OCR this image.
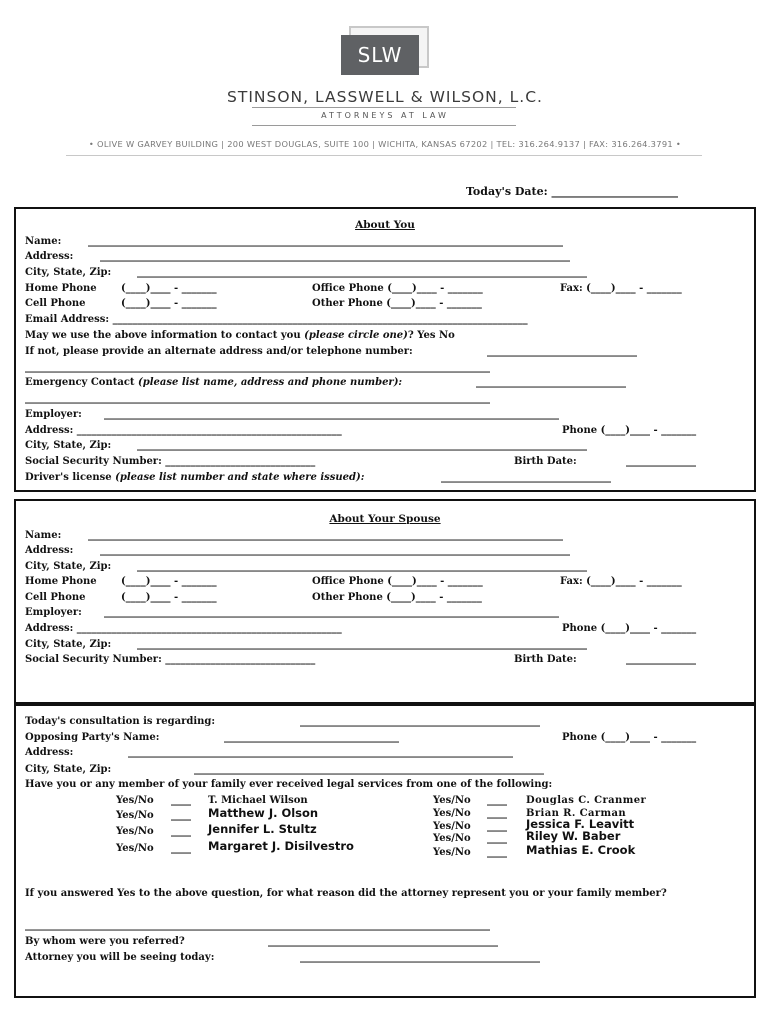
SLW
STINSON, LASSWELL & WILSON, L.C.
ATTORNEYS AT LAW
• OLIVE W GARVEY BUILDING | 200 WEST DOUGLAS, SUITE 100 | WICHITA, KANSAS 67202 | TEL: 316.264.9137 | FAX: 316.264.3791 •
Today's Date: _______________________
About You
Name:	_______________________________________________________________________________________________
Address:	______________________________________________________________________________________________
City, State, Zip:	__________________________________________________________________________________________
Home Phone (____)____ - _______	Office Phone (____)____ - _______	Fax: (____)____ - _______
Cell Phone	(____)____ - _______	Other Phone (____)____ - _______
Email Address: ___________________________________________________________________________________
May we use the above information to contact you (please circle one)? Yes No
If not, please provide an alternate address and/or telephone number:	______________________________
_____________________________________________________________________________________________
Emergency Contact (please list name, address and phone number):	______________________________
_____________________________________________________________________________________________
Employer: ___________________________________________________________________________________________
Address: _____________________________________________________	Phone (____)____ - _______
City, State, Zip:	__________________________________________________________________________________________
Social Security Number: ______________________________	Birth Date:	______________
Driver's license (please list number and state where issued):	__________________________________
About Your Spouse
Name:	_______________________________________________________________________________________________
Address:	______________________________________________________________________________________________
City, State, Zip:	__________________________________________________________________________________________
Home Phone (____)____ - _______	Office Phone (____)____ - _______	Fax: (____)____ - _______
Cell Phone	(____)____ - _______	Other Phone (____)____ - _______
Employer: ___________________________________________________________________________________________
Address: _____________________________________________________	Phone (____)____ - _______
City, State, Zip:	__________________________________________________________________________________________
Social Security Number: ______________________________	Birth Date:	______________
Today's consultation is regarding:	________________________________________________
Opposing Party's Name:	___________________________________	Phone (____)____ - _______
Address:	_____________________________________________________________________________
City, State, Zip:	______________________________________________________________________
Have you or any member of your family ever received legal services from one of the following:
Yes/No ____ T. Michael Wilson
Yes/No ____ Matthew J. Olson
Yes/No ____ Jennifer L. Stultz
Yes/No ____ Margaret J. Disilvestro
Yes/No ____ Douglas C. Cranmer
Yes/No ____ Brian R. Carman
Yes/No ____ Jessica F. Leavitt
Yes/No ____ Riley W. Baber
Yes/No ____ Mathias E. Crook
If you answered Yes to the above question, for what reason did the attorney represent you or your family member?
_____________________________________________________________________________________________
By whom were you referred?	______________________________________________
Attorney you will be seeing today:	________________________________________________
